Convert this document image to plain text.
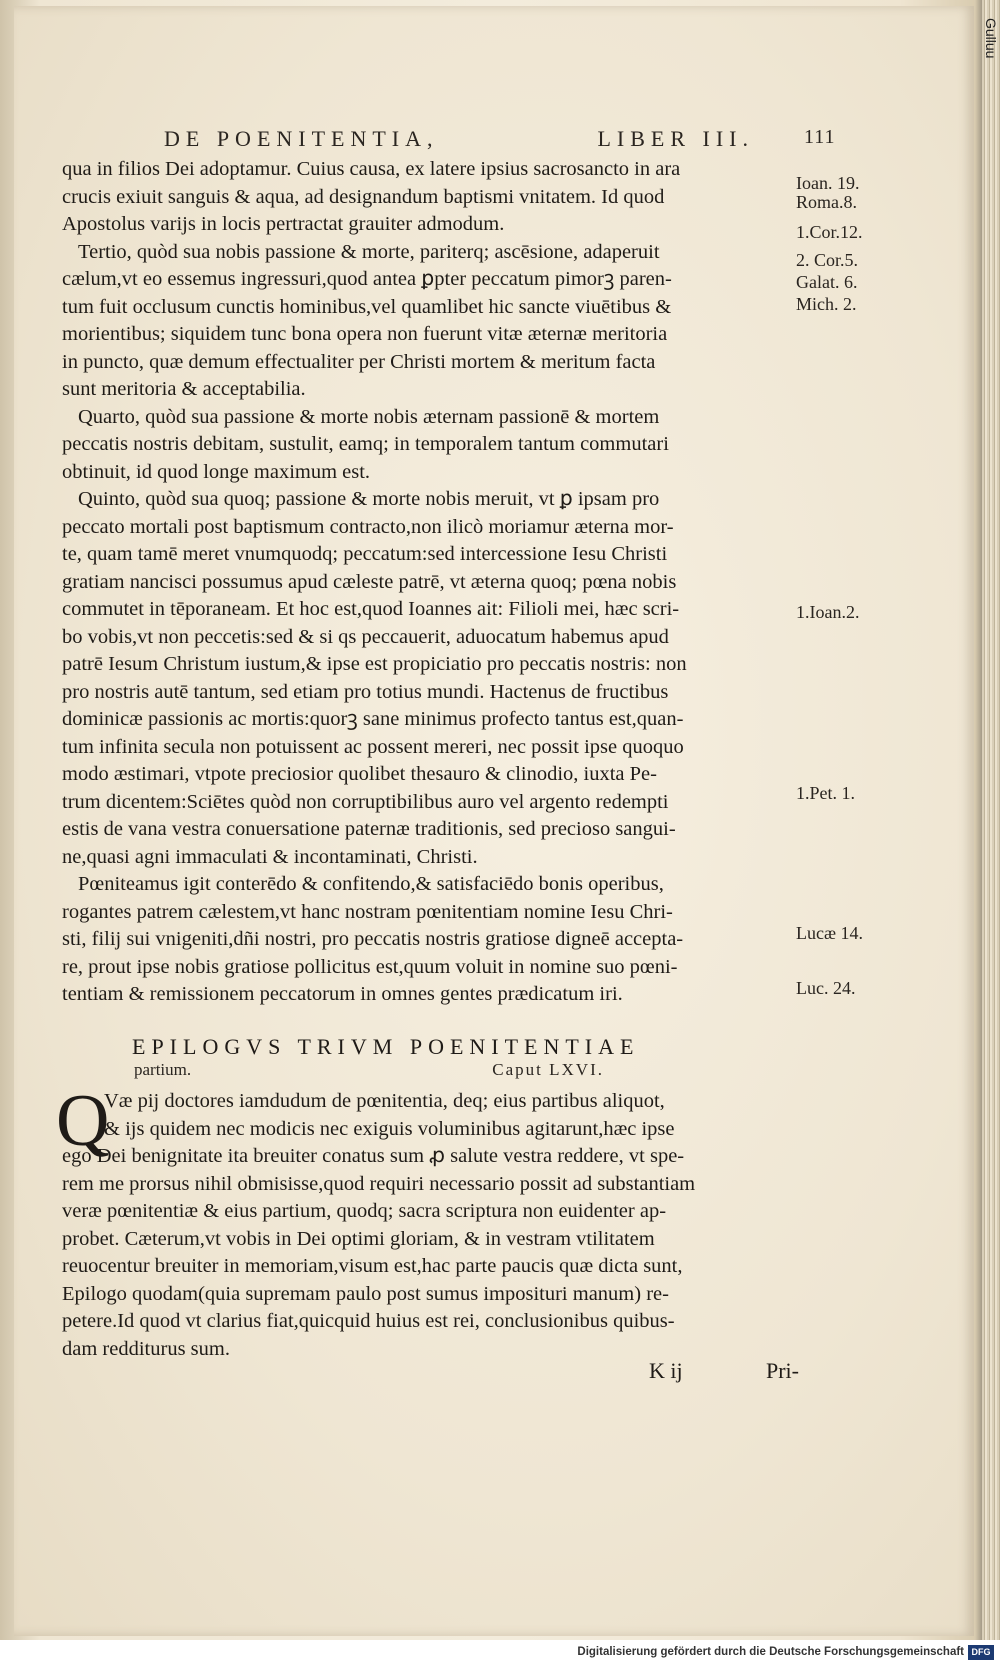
DE POENITENTIA,	LIBER III.	111
qua in filios Dei adoptamur. Cuius causa, ex latere ipsius sacrosancto in ara
crucis exiuit sanguis & aqua, ad designandum baptismi vnitatem. Id quod
Apostolus varijs in locis pertractat grauiter admodum.
Tertio, quòd sua nobis passione & morte, pariterq; ascēsione, adaperuit
cælum,vt eo essemus ingressuri,quod antea ꝑpter peccatum pimorꝫ paren-
tum fuit occlusum cunctis hominibus,vel quamlibet hic sancte viuētibus &
morientibus; siquidem tunc bona opera non fuerunt vitæ æternæ meritoria
in puncto, quæ demum effectualiter per Christi mortem & meritum facta
sunt meritoria & acceptabilia.
Quarto, quòd sua passione & morte nobis æternam passionē & mortem
peccatis nostris debitam, sustulit, eamq; in temporalem tantum commutari
obtinuit, id quod longe maximum est.
Quinto, quòd sua quoq; passione & morte nobis meruit, vt ꝑ ipsam pro
peccato mortali post baptismum contracto,non ilicò moriamur æterna mor-
te, quam tamē meret vnumquodq; peccatum:sed intercessione Iesu Christi
gratiam nancisci possumus apud cæleste patrē, vt æterna quoq; pœna nobis
commutet in tēporaneam. Et hoc est,quod Ioannes ait: Filioli mei, hæc scri-
bo vobis,vt non peccetis:sed & si qs peccauerit, aduocatum habemus apud
patrē Iesum Christum iustum,& ipse est propiciatio pro peccatis nostris: non
pro nostris autē tantum, sed etiam pro totius mundi. Hactenus de fructibus
dominicæ passionis ac mortis:quorꝫ sane minimus profecto tantus est,quan-
tum infinita secula non potuissent ac possent mereri, nec possit ipse quoquo
modo æstimari, vtpote preciosior quolibet thesauro & clinodio, iuxta Pe-
trum dicentem:Sciētes quòd non corruptibilibus auro vel argento redempti
estis de vana vestra conuersatione paternæ traditionis, sed precioso sangui-
ne,quasi agni immaculati & incontaminati, Christi.
Pœniteamus igit conterēdo & confitendo,& satisfaciēdo bonis operibus,
rogantes patrem cælestem,vt hanc nostram pœnitentiam nomine Iesu Chri-
sti, filij sui vnigeniti,dñi nostri, pro peccatis nostris gratiose digneē accepta-
re, prout ipse nobis gratiose pollicitus est,quum voluit in nomine suo pœni-
tentiam & remissionem peccatorum in omnes gentes prædicatum iri.
Ioan. 19.
Roma.8.
1.Cor.12.
2. Cor.5.
Galat. 6.
Mich. 2.
1.Ioan.2.
1.Pet. 1.
Lucæ 14.
Luc. 24.
EPILOGVS TRIVM POENITENTIAE
partium.	Caput LXVI.
Q
Væ pij doctores iamdudum de pœnitentia, deq; eius partibus aliquot,
& ijs quidem nec modicis nec exiguis voluminibus agitarunt,hæc ipse
ego Dei benignitate ita breuiter conatus sum ꝓ salute vestra reddere, vt spe-
rem me prorsus nihil obmisisse,quod requiri necessario possit ad substantiam
veræ pœnitentiæ & eius partium, quodq; sacra scriptura non euidenter ap-
probet. Cæterum,vt vobis in Dei optimi gloriam, & in vestram vtilitatem
reuocentur breuiter in memoriam,visum est,hac parte paucis quæ dicta sunt,
Epilogo quodam(quia supremam paulo post sumus imposituri manum) re-
petere.Id quod vt clarius fiat,quicquid huius est rei, conclusionibus quibus-
dam redditurus sum.
K ij	Pri-
Gulluu
Digitalisierung gefördert durch die Deutsche Forschungsgemeinschaft DFG
